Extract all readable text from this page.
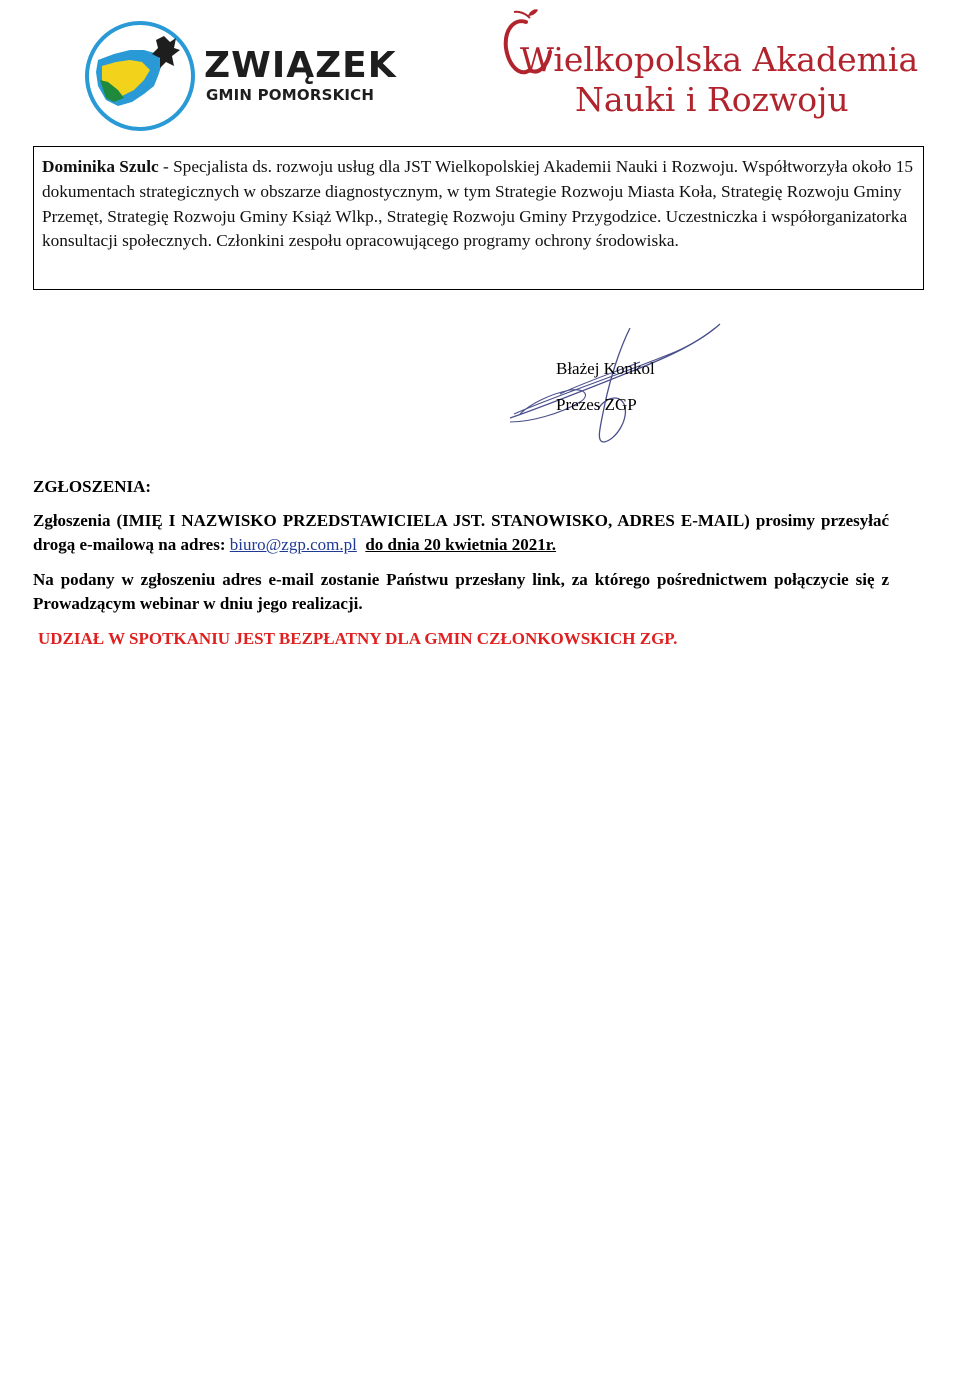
ZWIĄZEK
GMIN POMORSKICH
Wielkopolska Akademia
Nauki i Rozwoju
Dominika Szulc - Specjalista ds. rozwoju usług dla JST Wielkopolskiej Akademii Nauki i Rozwoju. Współtworzyła około 15 dokumentach strategicznych w obszarze diagnostycznym, w tym Strategie Rozwoju Miasta Koła, Strategię Rozwoju Gminy Przemęt, Strategię Rozwoju Gminy Książ Wlkp., Strategię Rozwoju Gminy Przygodzice. Uczestniczka i współorganizatorka konsultacji społecznych. Członkini zespołu opracowującego programy ochrony środowiska.
Błażej Konkol
Prezes ZGP
ZGŁOSZENIA:
Zgłoszenia (IMIĘ I NAZWISKO PRZEDSTAWICIELA JST. STANOWISKO, ADRES E-MAIL) prosimy przesyłać drogą e-mailową na adres: biuro@zgp.com.pl do dnia 20 kwietnia 2021r.
Na podany w zgłoszeniu adres e-mail zostanie Państwu przesłany link, za którego pośrednictwem połączycie się z Prowadzącym webinar w dniu jego realizacji.
UDZIAŁ W SPOTKANIU JEST BEZPŁATNY DLA GMIN CZŁONKOWSKICH ZGP.
